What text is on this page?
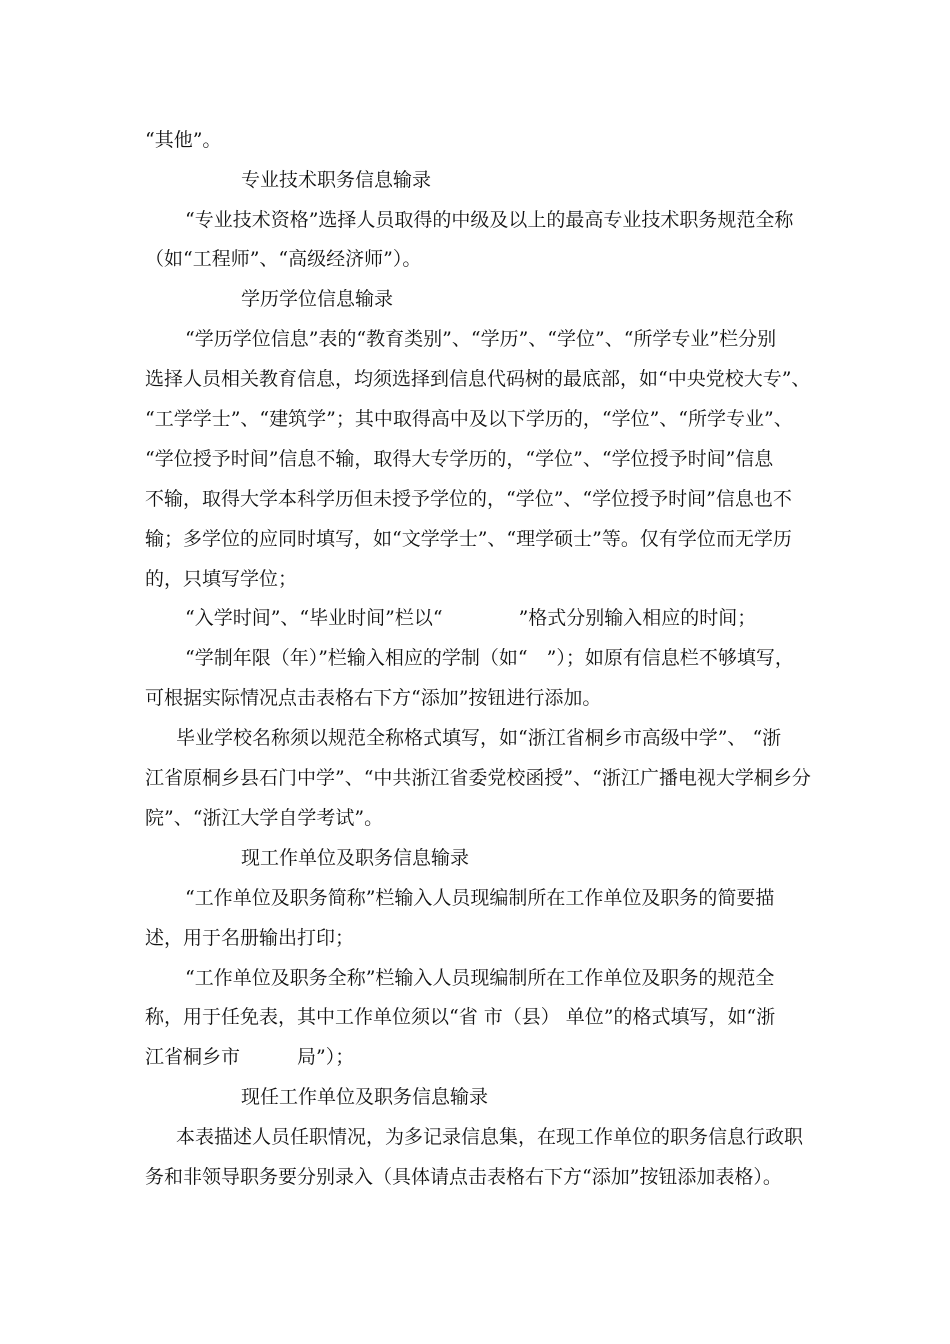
“其他”。
专业技术职务信息输录
“专业技术资格”选择人员取得的中级及以上的最高专业技术职务规范全称
（如“工程师”、“高级经济师”）。
学历学位信息输录
“学历学位信息”表的“教育类别”、“学历”、“学位”、“所学专业”栏分别
选择人员相关教育信息，均须选择到信息代码树的最底部，如“中央党校大专”、
“工学学士”、“建筑学”；其中取得高中及以下学历的，“学位”、“所学专业”、
“学位授予时间”信息不输，取得大专学历的，“学位”、“学位授予时间”信息
不输，取得大学本科学历但未授予学位的，“学位”、“学位授予时间”信息也不
输；多学位的应同时填写，如“文学学士”、“理学硕士”等。仅有学位而无学历
的，只填写学位；
“入学时间”、“毕业时间”栏以“　　　　”格式分别输入相应的时间；
“学制年限（年）”栏输入相应的学制（如“　”）；如原有信息栏不够填写，
可根据实际情况点击表格右下方“添加”按钮进行添加。
毕业学校名称须以规范全称格式填写，如“浙江省桐乡市高级中学”、 “浙
江省原桐乡县石门中学”、“中共浙江省委党校函授”、“浙江广播电视大学桐乡分
院”、“浙江大学自学考试”。
现工作单位及职务信息输录
“工作单位及职务简称”栏输入人员现编制所在工作单位及职务的简要描
述，用于名册输出打印；
“工作单位及职务全称”栏输入人员现编制所在工作单位及职务的规范全
称，用于任免表，其中工作单位须以“省 市（县） 单位”的格式填写，如“浙
江省桐乡市　　　局”）；
现任工作单位及职务信息输录
本表描述人员任职情况，为多记录信息集，在现工作单位的职务信息行政职
务和非领导职务要分别录入（具体请点击表格右下方“添加”按钮添加表格）。
